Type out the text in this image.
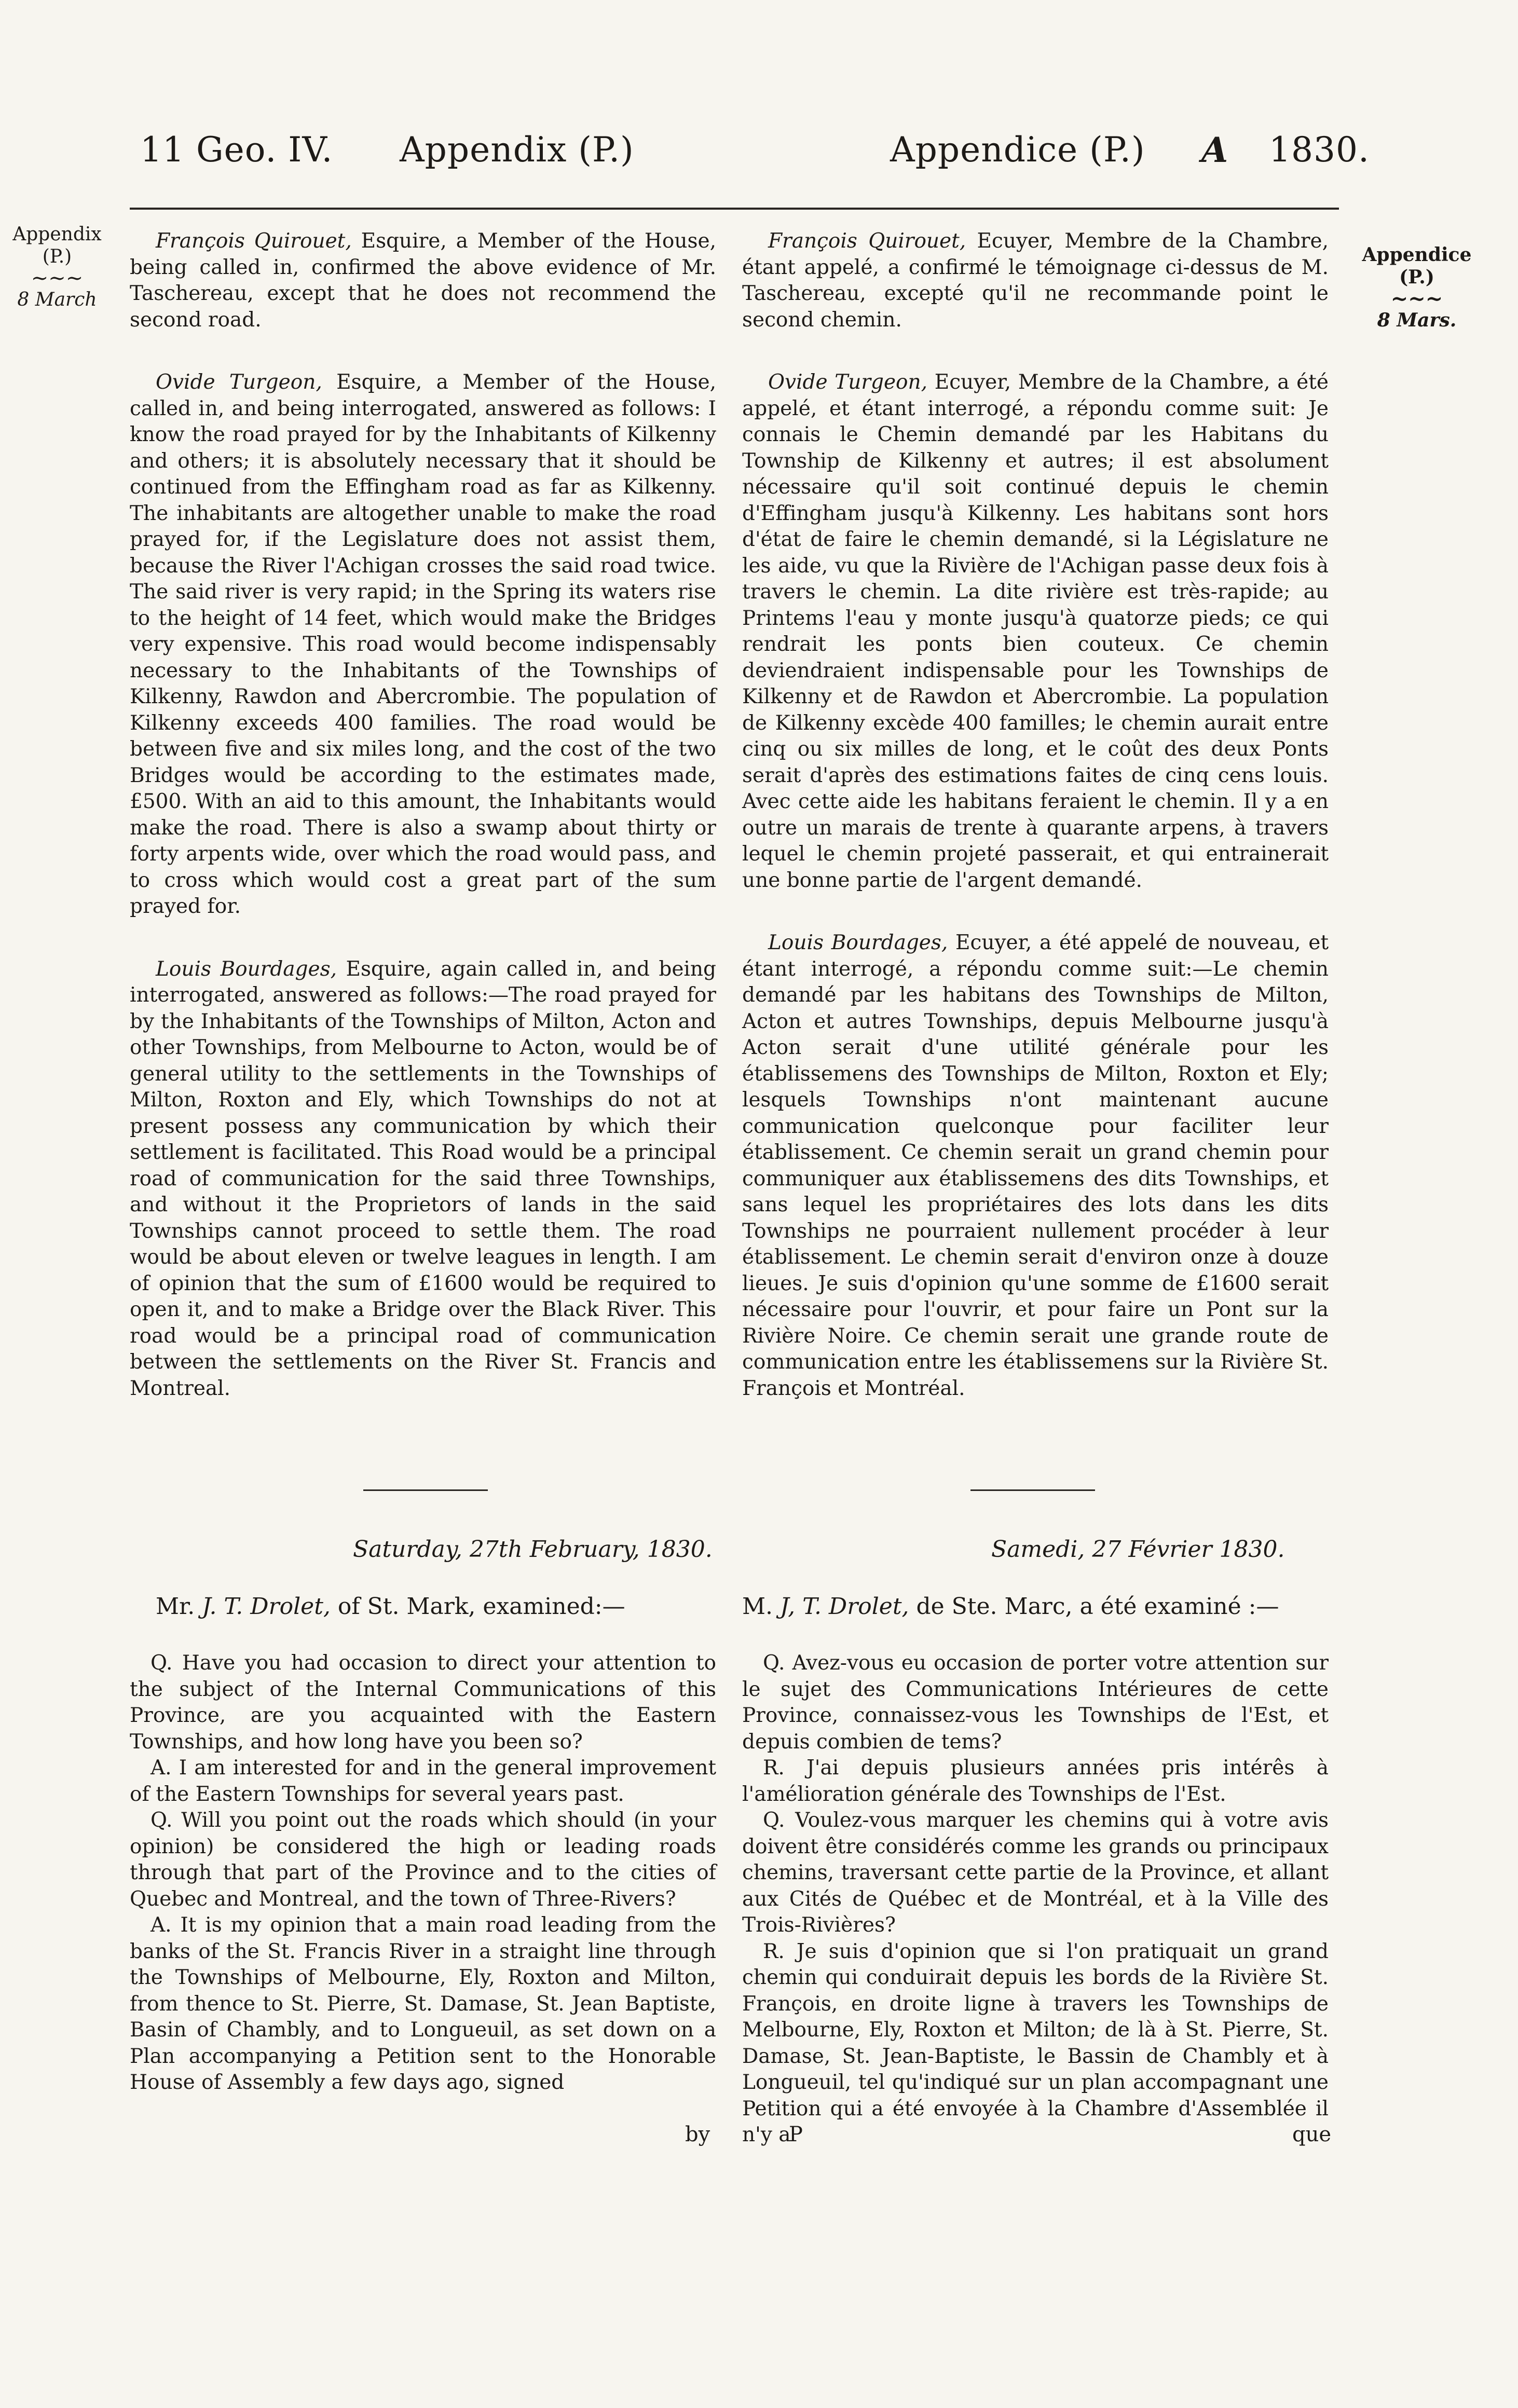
11 Geo. IV. Appendix (P.)	Appendice (P.) A 1830.
Appendix
(P.)
~~~
8 March
Appendice
(P.)
~~~
8 Mars.

François Quirouet, Esquire, a Member of the House, being called in, confirmed the above evidence of Mr. Taschereau, except that he does not recommend the second road.

Ovide Turgeon, Esquire, a Member of the House, called in, and being interrogated, answered as follows: I know the road prayed for by the Inhabitants of Kilkenny and others; it is absolutely necessary that it should be continued from the Effingham road as far as Kilkenny. The inhabitants are altogether unable to make the road prayed for, if the Legislature does not assist them, because the River l'Achigan crosses the said road twice. The said river is very rapid; in the Spring its waters rise to the height of 14 feet, which would make the Bridges very expensive. This road would become indispensably necessary to the Inhabitants of the Townships of Kilkenny, Rawdon and Abercrombie. The population of Kilkenny exceeds 400 families. The road would be between five and six miles long, and the cost of the two Bridges would be according to the estimates made, £500. With an aid to this amount, the Inhabitants would make the road. There is also a swamp about thirty or forty arpents wide, over which the road would pass, and to cross which would cost a great part of the sum prayed for.

Louis Bourdages, Esquire, again called in, and being interrogated, answered as follows:—The road prayed for by the Inhabitants of the Townships of Milton, Acton and other Townships, from Melbourne to Acton, would be of general utility to the settlements in the Townships of Milton, Roxton and Ely, which Townships do not at present possess any communication by which their settlement is facilitated. This Road would be a principal road of communication for the said three Townships, and without it the Proprietors of lands in the said Townships cannot proceed to settle them. The road would be about eleven or twelve leagues in length. I am of opinion that the sum of £1600 would be required to open it, and to make a Bridge over the Black River. This road would be a principal road of communication between the settlements on the River St. Francis and Montreal.

François Quirouet, Ecuyer, Membre de la Chambre, étant appelé, a confirmé le témoignage ci-dessus de M. Taschereau, excepté qu'il ne recommande point le second chemin.

Ovide Turgeon, Ecuyer, Membre de la Chambre, a été appelé, et étant interrogé, a répondu comme suit: Je connais le Chemin demandé par les Habitans du Township de Kilkenny et autres; il est absolument nécessaire qu'il soit continué depuis le chemin d'Effingham jusqu'à Kilkenny. Les habitans sont hors d'état de faire le chemin demandé, si la Législature ne les aide, vu que la Rivière de l'Achigan passe deux fois à travers le chemin. La dite rivière est très-rapide; au Printems l'eau y monte jusqu'à quatorze pieds; ce qui rendrait les ponts bien couteux. Ce chemin deviendraient indispensable pour les Townships de Kilkenny et de Rawdon et Abercrombie. La population de Kilkenny excède 400 familles; le chemin aurait entre cinq ou six milles de long, et le coût des deux Ponts serait d'après des estimations faites de cinq cens louis. Avec cette aide les habitans feraient le chemin. Il y a en outre un marais de trente à quarante arpens, à travers lequel le chemin projeté passerait, et qui entrainerait une bonne partie de l'argent demandé.

Louis Bourdages, Ecuyer, a été appelé de nouveau, et étant interrogé, a répondu comme suit:—Le chemin demandé par les habitans des Townships de Milton, Acton et autres Townships, depuis Melbourne jusqu'à Acton serait d'une utilité générale pour les établissemens des Townships de Milton, Roxton et Ely; lesquels Townships n'ont maintenant aucune communication quelconque pour faciliter leur établissement. Ce chemin serait un grand chemin pour communiquer aux établissemens des dits Townships, et sans lequel les propriétaires des lots dans les dits Townships ne pourraient nullement procéder à leur établissement. Le chemin serait d'environ onze à douze lieues. Je suis d'opinion qu'une somme de £1600 serait nécessaire pour l'ouvrir, et pour faire un Pont sur la Rivière Noire. Ce chemin serait une grande route de communication entre les établissemens sur la Rivière St. François et Montréal.

Saturday, 27th February, 1830.	Samedi, 27 Février 1830.
Mr. J. T. Drolet, of St. Mark, examined:—	M. J, T. Drolet, de Ste. Marc, a été examiné :—

Q. Have you had occasion to direct your attention to the subject of the Internal Communications of this Province, are you acquainted with the Eastern Townships, and how long have you been so?

A. I am interested for and in the general improvement of the Eastern Townships for several years past.

Q. Will you point out the roads which should (in your opinion) be considered the high or leading roads through that part of the Province and to the cities of Quebec and Montreal, and the town of Three-Rivers?

A. It is my opinion that a main road leading from the banks of the St. Francis River in a straight line through the Townships of Melbourne, Ely, Roxton and Milton, from thence to St. Pierre, St. Damase, St. Jean Baptiste, Basin of Chambly, and to Longueuil, as set down on a Plan accompanying a Petition sent to the Honorable House of Assembly a few days ago, signed

Q. Avez-vous eu occasion de porter votre attention sur le sujet des Communications Intérieures de cette Province, connaissez-vous les Townships de l'Est, et depuis combien de tems?

R. J'ai depuis plusieurs années pris intérês à l'amélioration générale des Townships de l'Est.

Q. Voulez-vous marquer les chemins qui à votre avis doivent être considérés comme les grands ou principaux chemins, traversant cette partie de la Province, et allant aux Cités de Québec et de Montréal, et à la Ville des Trois-Rivières?

R. Je suis d'opinion que si l'on pratiquait un grand chemin qui conduirait depuis les bords de la Rivière St. François, en droite ligne à travers les Townships de Melbourne, Ely, Roxton et Milton; de là à St. Pierre, St. Damase, St. Jean-Baptiste, le Bassin de Chambly et à Longueuil, tel qu'indiqué sur un plan accompagnant une Petition qui a été envoyée à la Chambre d'Assemblée il n'y a

by	P	que
